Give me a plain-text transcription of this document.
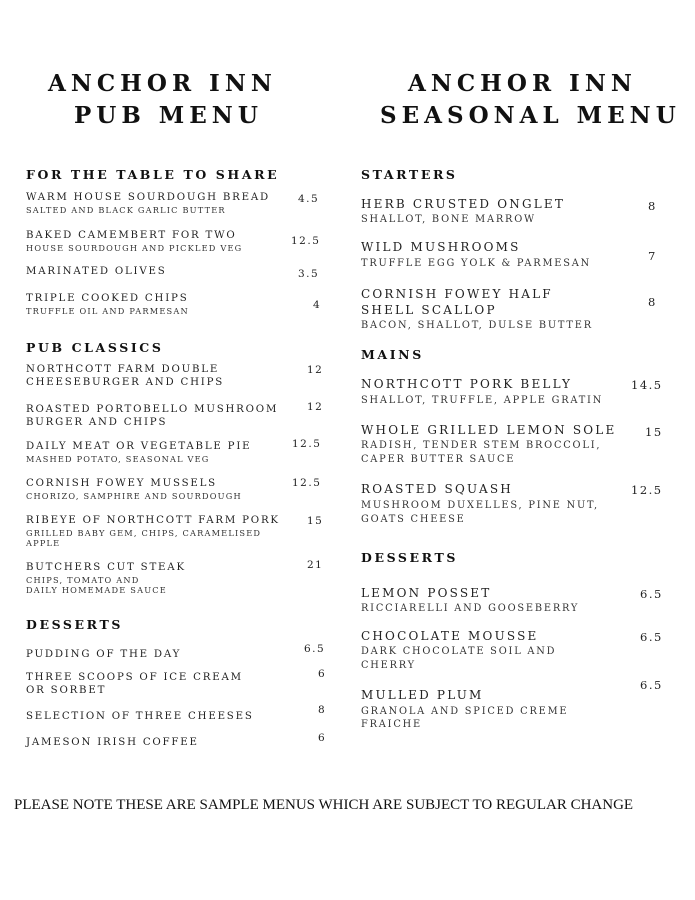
ANCHOR INN
PUB MENU
FOR THE TABLE TO SHARE
WARM HOUSE SOURDOUGH BREAD
SALTED AND BLACK GARLIC BUTTER
4.5
BAKED CAMEMBERT FOR TWO
HOUSE SOURDOUGH AND PICKLED VEG
12.5
MARINATED OLIVES	3.5
TRIPLE COOKED CHIPS
TRUFFLE OIL AND PARMESAN	4
PUB CLASSICS
NORTHCOTT FARM DOUBLE
CHEESEBURGER AND CHIPS
12
ROASTED PORTOBELLO MUSHROOM
BURGER AND CHIPS
12
DAILY MEAT OR VEGETABLE PIE
MASHED POTATO, SEASONAL VEG
12.5
CORNISH FOWEY MUSSELS
CHORIZO, SAMPHIRE AND SOURDOUGH
12.5
RIBEYE OF NORTHCOTT FARM PORK
GRILLED BABY GEM, CHIPS, CARAMELISED
APPLE
15
BUTCHERS CUT STEAK
CHIPS, TOMATO AND
DAILY HOMEMADE SAUCE
21
DESSERTS
PUDDING OF THE DAY	6.5
THREE SCOOPS OF ICE CREAM
OR SORBET
6
SELECTION OF THREE CHEESES
8
JAMESON IRISH COFFEE	6
ANCHOR INN
SEASONAL MENU
STARTERS
HERB CRUSTED ONGLET
SHALLOT, BONE MARROW
8
WILD MUSHROOMS
TRUFFLE EGG YOLK & PARMESAN
7
CORNISH FOWEY HALF
SHELL SCALLOP
BACON, SHALLOT, DULSE BUTTER
8
MAINS
NORTHCOTT PORK BELLY
SHALLOT, TRUFFLE, APPLE GRATIN
14.5
WHOLE GRILLED LEMON SOLE
RADISH, TENDER STEM BROCCOLI,
CAPER BUTTER SAUCE
15
ROASTED SQUASH
MUSHROOM DUXELLES, PINE NUT,
GOATS CHEESE
12.5
DESSERTS
LEMON POSSET
RICCIARELLI AND GOOSEBERRY
6.5
CHOCOLATE MOUSSE
DARK CHOCOLATE SOIL AND
CHERRY
6.5
MULLED PLUM
GRANOLA AND SPICED CREME
FRAICHE
6.5
PLEASE NOTE THESE ARE SAMPLE MENUS WHICH ARE SUBJECT TO REGULAR CHANGE
